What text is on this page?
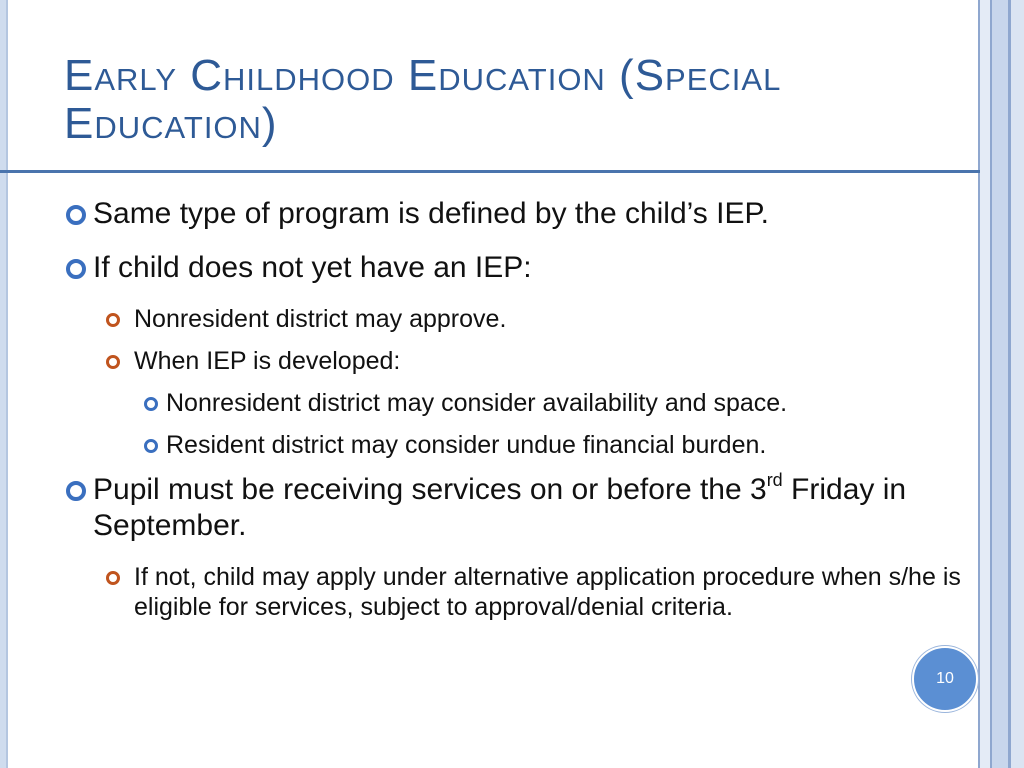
Early Childhood Education (Special Education)
Same type of program is defined by the child’s IEP.
If child does not yet have an IEP:
Nonresident district may approve.
When IEP is developed:
Nonresident district may consider availability and space.
Resident district may consider undue financial burden.
Pupil must be receiving services on or before the 3rd Friday in September.
If not, child may apply under alternative application procedure when s/he is eligible for services, subject to approval/denial criteria.
10
